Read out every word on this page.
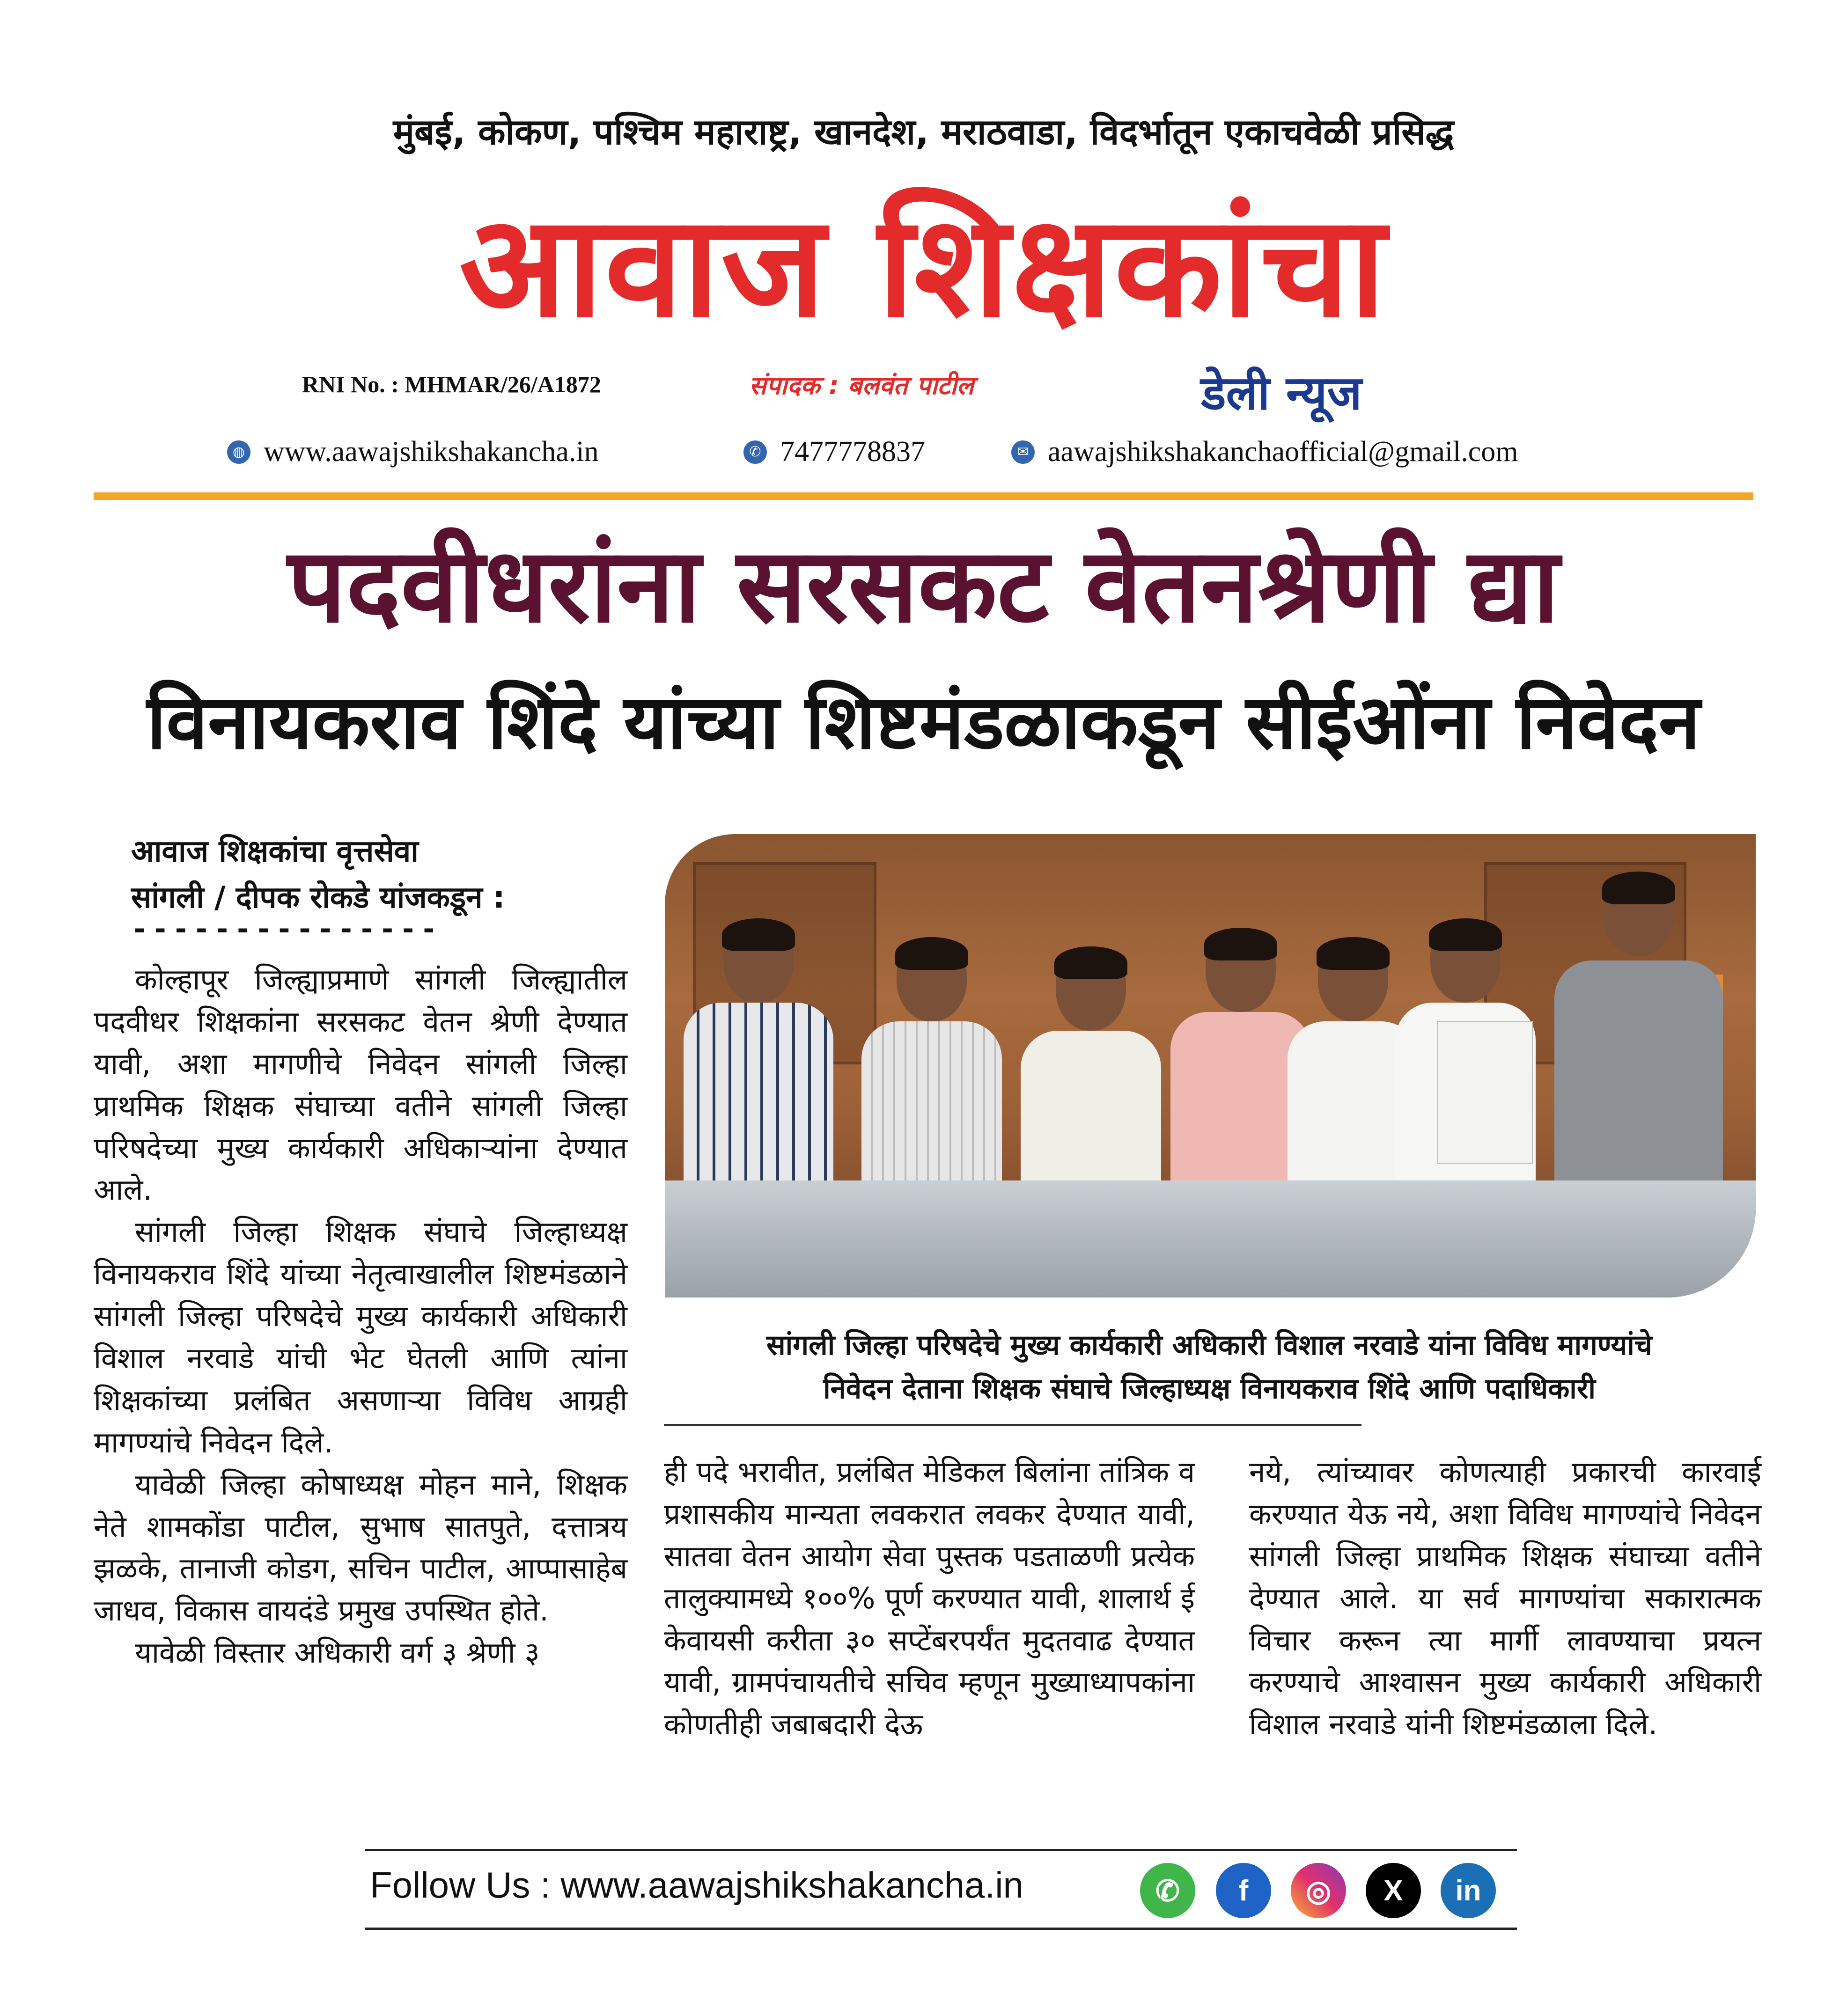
मुंबई, कोकण, पश्चिम महाराष्ट्र, खानदेश, मराठवाडा, विदर्भातून एकाचवेळी प्रसिद्ध
आवाज शिक्षकांचा
RNI No. : MHMAR/26/A1872	संपादक : बलवंत पाटील	डेली न्यूज
◍ www.aawajshikshakancha.in	✆ 7477778837	✉ aawajshikshakanchaofficial@gmail.com
पदवीधरांना सरसकट वेतनश्रेणी द्या
विनायकराव शिंदे यांच्या शिष्टमंडळाकडून सीईओंना निवेदन
आवाज शिक्षकांचा वृत्तसेवा
सांगली / दीपक रोकडे यांजकडून :
---------------

कोल्हापूर जिल्ह्याप्रमाणे सांगली जिल्ह्यातील पदवीधर शिक्षकांना सरसकट वेतन श्रेणी देण्यात यावी, अशा मागणीचे निवेदन सांगली जिल्हा प्राथमिक शिक्षक संघाच्या वतीने सांगली जिल्हा परिषदेच्या मुख्य कार्यकारी अधिकाऱ्यांना देण्यात आले.

सांगली जिल्हा शिक्षक संघाचे जिल्हाध्यक्ष विनायकराव शिंदे यांच्या नेतृत्वाखालील शिष्टमंडळाने सांगली जिल्हा परिषदेचे मुख्य कार्यकारी अधिकारी विशाल नरवाडे यांची भेट घेतली आणि त्यांना शिक्षकांच्या प्रलंबित असणाऱ्या विविध आग्रही मागण्यांचे निवेदन दिले.

यावेळी जिल्हा कोषाध्यक्ष मोहन माने, शिक्षक नेते शामकोंडा पाटील, सुभाष सातपुते, दत्तात्रय झळके, तानाजी कोडग, सचिन पाटील, आप्पासाहेब जाधव, विकास वायदंडे प्रमुख उपस्थित होते.

यावेळी विस्तार अधिकारी वर्ग ३ श्रेणी ३

सांगली जिल्हा परिषदेचे मुख्य कार्यकारी अधिकारी विशाल नरवाडे यांना विविध मागण्यांचे
निवेदन देताना शिक्षक संघाचे जिल्हाध्यक्ष विनायकराव शिंदे आणि पदाधिकारी

ही पदे भरावीत, प्रलंबित मेडिकल बिलांना तांत्रिक व प्रशासकीय मान्यता लवकरात लवकर देण्यात यावी, सातवा वेतन आयोग सेवा पुस्तक पडताळणी प्रत्येक तालुक्यामध्ये १००% पूर्ण करण्यात यावी, शालार्थ ई केवायसी करीता ३० सप्टेंबरपर्यंत मुदतवाढ देण्यात यावी, ग्रामपंचायतीचे सचिव म्हणून मुख्याध्यापकांना कोणतीही जबाबदारी देऊ

नये, त्यांच्यावर कोणत्याही प्रकारची कारवाई करण्यात येऊ नये, अशा विविध मागण्यांचे निवेदन सांगली जिल्हा प्राथमिक शिक्षक संघाच्या वतीने देण्यात आले. या सर्व मागण्यांचा सकारात्मक विचार करून त्या मार्गी लावण्याचा प्रयत्न करण्याचे आश्वासन मुख्य कार्यकारी अधिकारी विशाल नरवाडे यांनी शिष्टमंडळाला दिले.

Follow Us : www.aawajshikshakancha.in	✆	f	◎	X	in
